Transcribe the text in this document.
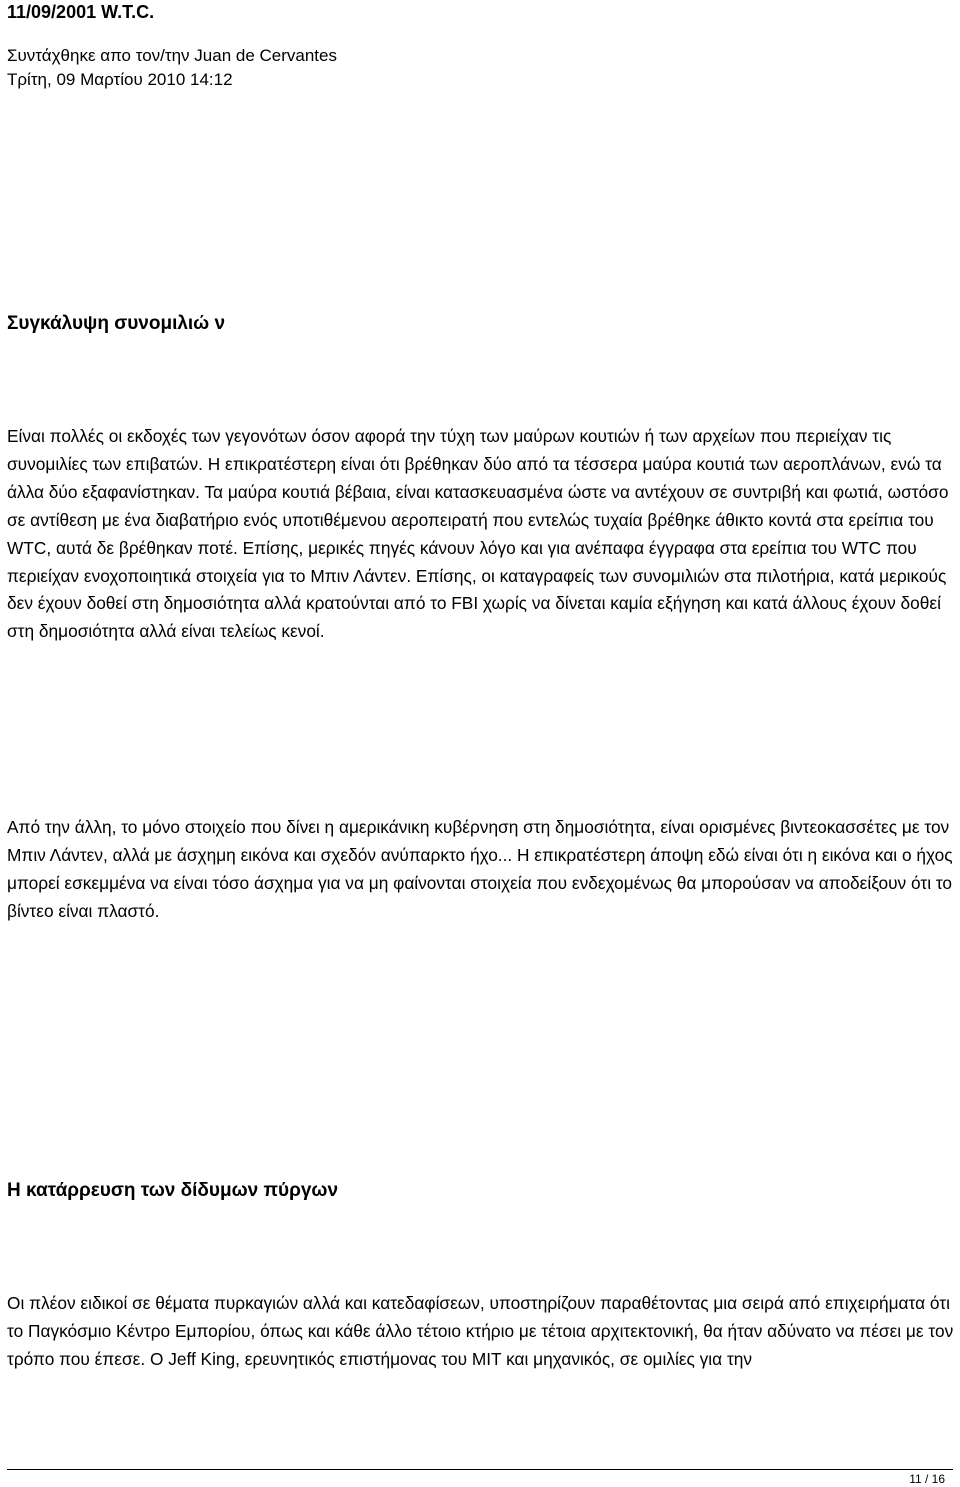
11/09/2001 W.T.C.

Συντάχθηκε απο τον/την Juan de Cervantes

Τρίτη, 09 Μαρτίου 2010 14:12

Συγκάλυψη συνομιλιώ ν

Είναι πολλές οι εκδοχές των γεγονότων όσον αφορά την τύχη των μαύρων κουτιών ή των αρχείων που περιείχαν τις συνομιλίες των επιβατών. Η επικρατέστερη είναι ότι βρέθηκαν δύο από τα τέσσερα μαύρα κουτιά των αεροπλάνων, ενώ τα άλλα δύο εξαφανίστηκαν. Τα μαύρα κουτιά βέβαια, είναι κατασκευασμένα ώστε να αντέχουν σε συντριβή και φωτιά, ωστόσο σε αντίθεση με ένα διαβατήριο ενός υποτιθέμενου αεροπειρατή που εντελώς τυχαία βρέθηκε άθικτο κοντά στα ερείπια του WTC, αυτά δε βρέθηκαν ποτέ. Επίσης, μερικές πηγές κάνουν λόγο και για ανέπαφα έγγραφα στα ερείπια του WTC που περιείχαν ενοχοποιητικά στοιχεία για το Μπιν Λάντεν. Επίσης, οι καταγραφείς των συνομιλιών στα πιλοτήρια, κατά μερικούς δεν έχουν δοθεί στη δημοσιότητα αλλά κρατούνται από το FBI χωρίς να δίνεται καμία εξήγηση και κατά άλλους έχουν δοθεί στη δημοσιότητα αλλά είναι τελείως κενοί.

Από την άλλη, το μόνο στοιχείο που δίνει η αμερικάνικη κυβέρνηση στη δημοσιότητα, είναι ορισμένες βιντεοκασσέτες με τον Μπιν Λάντεν, αλλά με άσχημη εικόνα και σχεδόν ανύπαρκτο ήχο... Η επικρατέστερη άποψη εδώ είναι ότι η εικόνα και ο ήχος μπορεί εσκεμμένα να είναι τόσο άσχημα για να μη φαίνονται στοιχεία που ενδεχομένως θα μπορούσαν να αποδείξουν ότι το βίντεο είναι πλαστό.

Η κατάρρευση των δίδυμων πύργων

Οι πλέον ειδικοί σε θέματα πυρκαγιών αλλά και κατεδαφίσεων, υποστηρίζουν παραθέτοντας μια σειρά από επιχειρήματα ότι το Παγκόσμιο Κέντρο Εμπορίου, όπως και κάθε άλλο τέτοιο κτήριο με τέτοια αρχιτεκτονική, θα ήταν αδύνατο να πέσει με τον τρόπο που έπεσε. Ο Jeff King, ερευνητικός επιστήμονας του MIT και μηχανικός, σε ομιλίες για την

11 / 16
